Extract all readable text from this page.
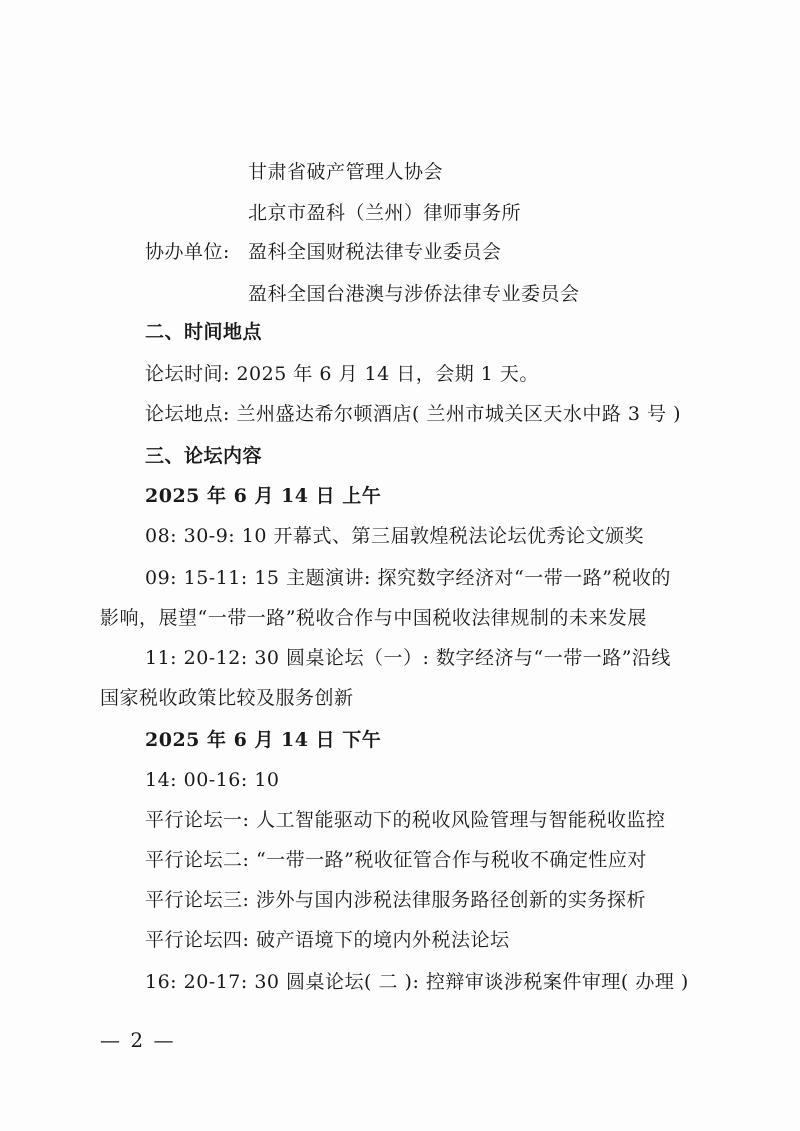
甘肃省破产管理人协会
北京市盈科（兰州）律师事务所
协办单位: 盈科全国财税法律专业委员会
盈科全国台港澳与涉侨法律专业委员会
二、时间地点
论坛时间: 2025 年 6 月 14 日，会期 1 天。
论坛地点: 兰州盛达希尔顿酒店( 兰州市城关区天水中路 3 号 )
三、论坛内容
2025 年 6 月 14 日 上午
08: 30-9: 10 开幕式、第三届敦煌税法论坛优秀论文颁奖
09: 15-11: 15 主题演讲: 探究数字经济对“一带一路”税收的
影响，展望“一带一路”税收合作与中国税收法律规制的未来发展
11: 20-12: 30 圆桌论坛（一）: 数字经济与“一带一路”沿线
国家税收政策比较及服务创新
2025 年 6 月 14 日 下午
14: 00-16: 10
平行论坛一: 人工智能驱动下的税收风险管理与智能税收监控
平行论坛二: “一带一路”税收征管合作与税收不确定性应对
平行论坛三: 涉外与国内涉税法律服务路径创新的实务探析
平行论坛四: 破产语境下的境内外税法论坛
16: 20-17: 30 圆桌论坛( 二 ): 控辩审谈涉税案件审理( 办理 )
— 2 —
